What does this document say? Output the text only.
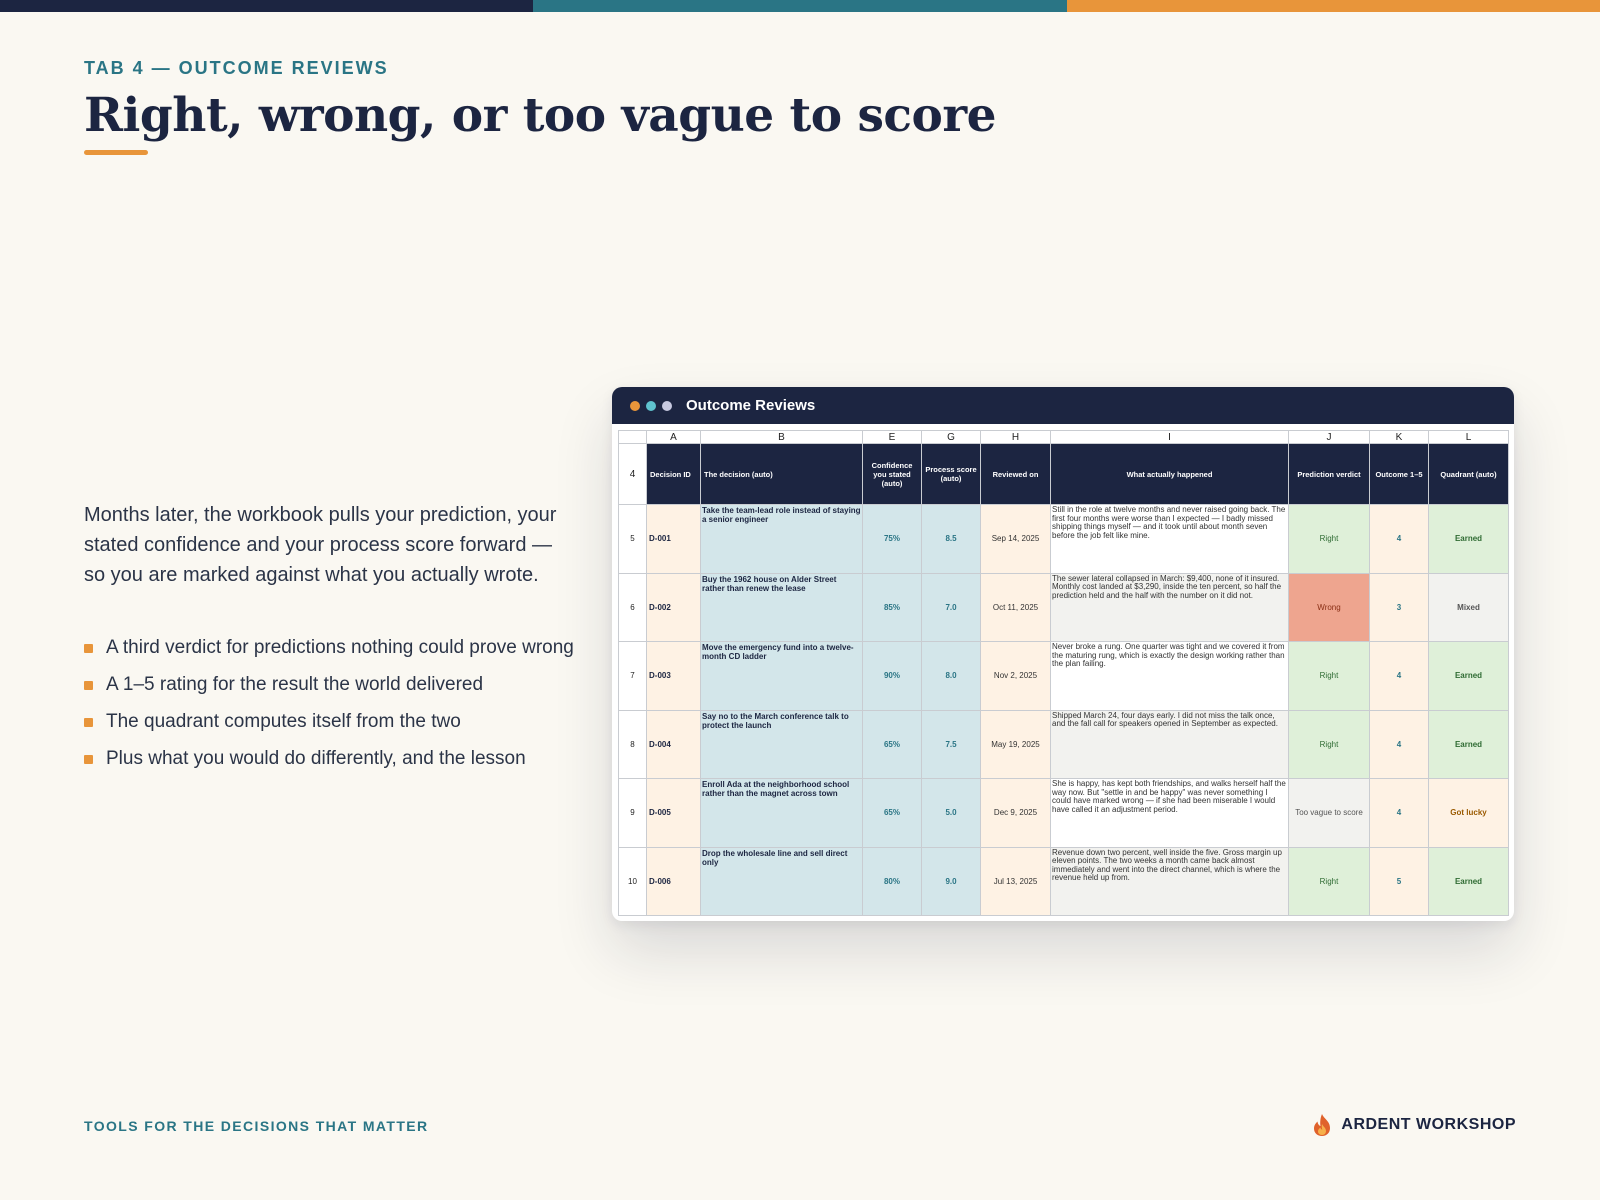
TAB 4 — OUTCOME REVIEWS
Right, wrong, or too vague to score

Months later, the workbook pulls your prediction, your stated confidence and your process score forward — so you are marked against what you actually wrote.

A third verdict for predictions nothing could prove wrong
A 1–5 rating for the result the world delivered
The quadrant computes itself from the two
Plus what you would do differently, and the lesson
Outcome Reviews
	A	B	E	G	H	I	J	K	L
4	Decision ID	The decision (auto)	Confidence you stated (auto)	Process score (auto)	Reviewed on	What actually happened	Prediction verdict	Outcome 1–5	Quadrant (auto)
5	D-001	Take the team-lead role instead of staying a senior engineer	75%	8.5	Sep 14, 2025	Still in the role at twelve months and never raised going back. The first four months were worse than I expected — I badly missed shipping things myself — and it took until about month seven before the job felt like mine.	Right	4	Earned
6	D-002	Buy the 1962 house on Alder Street rather than renew the lease	85%	7.0	Oct 11, 2025	The sewer lateral collapsed in March: $9,400, none of it insured. Monthly cost landed at $3,290, inside the ten percent, so half the prediction held and the half with the number on it did not.	Wrong	3	Mixed
7	D-003	Move the emergency fund into a twelve-month CD ladder	90%	8.0	Nov 2, 2025	Never broke a rung. One quarter was tight and we covered it from the maturing rung, which is exactly the design working rather than the plan failing.	Right	4	Earned
8	D-004	Say no to the March conference talk to protect the launch	65%	7.5	May 19, 2025	Shipped March 24, four days early. I did not miss the talk once, and the fall call for speakers opened in September as expected.	Right	4	Earned
9	D-005	Enroll Ada at the neighborhood school rather than the magnet across town	65%	5.0	Dec 9, 2025	She is happy, has kept both friendships, and walks herself half the way now. But "settle in and be happy" was never something I could have marked wrong — if she had been miserable I would have called it an adjustment period.	Too vague to score	4	Got lucky
10	D-006	Drop the wholesale line and sell direct only	80%	9.0	Jul 13, 2025	Revenue down two percent, well inside the five. Gross margin up eleven points. The two weeks a month came back almost immediately and went into the direct channel, which is where the revenue held up from.	Right	5	Earned
TOOLS FOR THE DECISIONS THAT MATTER	ARDENT WORKSHOP
